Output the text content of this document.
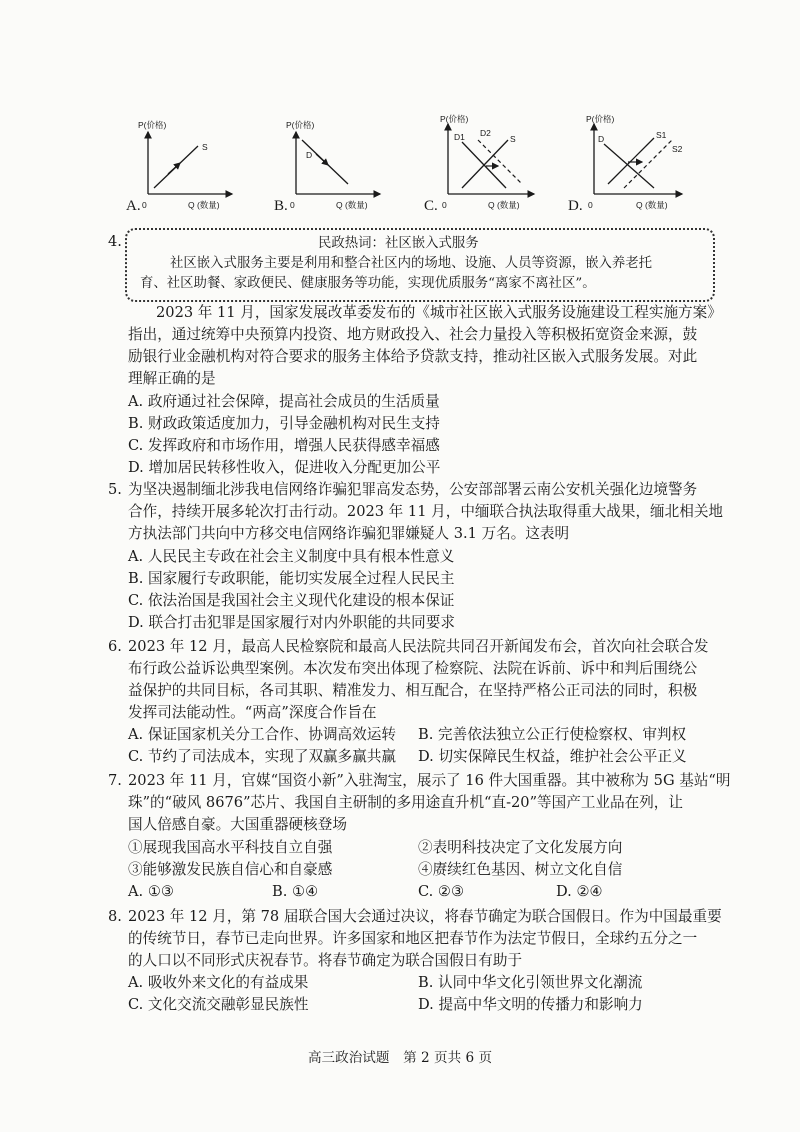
P(价格)
0	Q (数量)
S
A.
P(价格)
0	Q (数量)
D
B.
P(价格)
0	Q (数量)
D1 D2
S
C.
P(价格)
0	Q (数量)
D	S1
S2
D.
4.	民政热词：社区嵌入式服务
社区嵌入式服务主要是利用和整合社区内的场地、设施、人员等资源，嵌入养老托
育、社区助餐、家政便民、健康服务等功能，实现优质服务“离家不离社区”。
2023 年 11 月，国家发展改革委发布的《城市社区嵌入式服务设施建设工程实施方案》
指出，通过统筹中央预算内投资、地方财政投入、社会力量投入等积极拓宽资金来源，鼓
励银行业金融机构对符合要求的服务主体给予贷款支持，推动社区嵌入式服务发展。对此
理解正确的是
A. 政府通过社会保障，提高社会成员的生活质量
B. 财政政策适度加力，引导金融机构对民生支持
C. 发挥政府和市场作用，增强人民获得感幸福感
D. 增加居民转移性收入，促进收入分配更加公平
5. 为坚决遏制缅北涉我电信网络诈骗犯罪高发态势，公安部部署云南公安机关强化边境警务
合作，持续开展多轮次打击行动。2023 年 11 月，中缅联合执法取得重大战果，缅北相关地
方执法部门共向中方移交电信网络诈骗犯罪嫌疑人 3.1 万名。这表明
A. 人民民主专政在社会主义制度中具有根本性意义
B. 国家履行专政职能，能切实发展全过程人民民主
C. 依法治国是我国社会主义现代化建设的根本保证
D. 联合打击犯罪是国家履行对内外职能的共同要求
6. 2023 年 12 月，最高人民检察院和最高人民法院共同召开新闻发布会，首次向社会联合发
布行政公益诉讼典型案例。本次发布突出体现了检察院、法院在诉前、诉中和判后围绕公
益保护的共同目标，各司其职、精准发力、相互配合，在坚持严格公正司法的同时，积极
发挥司法能动性。“两高”深度合作旨在
A. 保证国家机关分工合作、协调高效运转 B. 完善依法独立公正行使检察权、审判权
C. 节约了司法成本，实现了双赢多赢共赢 D. 切实保障民生权益，维护社会公平正义
7. 2023 年 11 月，官媒“国资小新”入驻淘宝，展示了 16 件大国重器。其中被称为 5G 基站“明
珠”的“破风 8676”芯片、我国自主研制的多用途直升机“直-20”等国产工业品在列，让
国人倍感自豪。大国重器硬核登场
①展现我国高水平科技自立自强	②表明科技决定了文化发展方向
③能够激发民族自信心和自豪感	④赓续红色基因、树立文化自信
A. ①③	B. ①④	C. ②③	D. ②④
8. 2023 年 12 月，第 78 届联合国大会通过决议，将春节确定为联合国假日。作为中国最重要
的传统节日，春节已走向世界。许多国家和地区把春节作为法定节假日，全球约五分之一
的人口以不同形式庆祝春节。将春节确定为联合国假日有助于
A. 吸收外来文化的有益成果	B. 认同中华文化引领世界文化潮流
C. 文化交流交融彰显民族性	D. 提高中华文明的传播力和影响力
高三政治试题　第 2 页共 6 页
